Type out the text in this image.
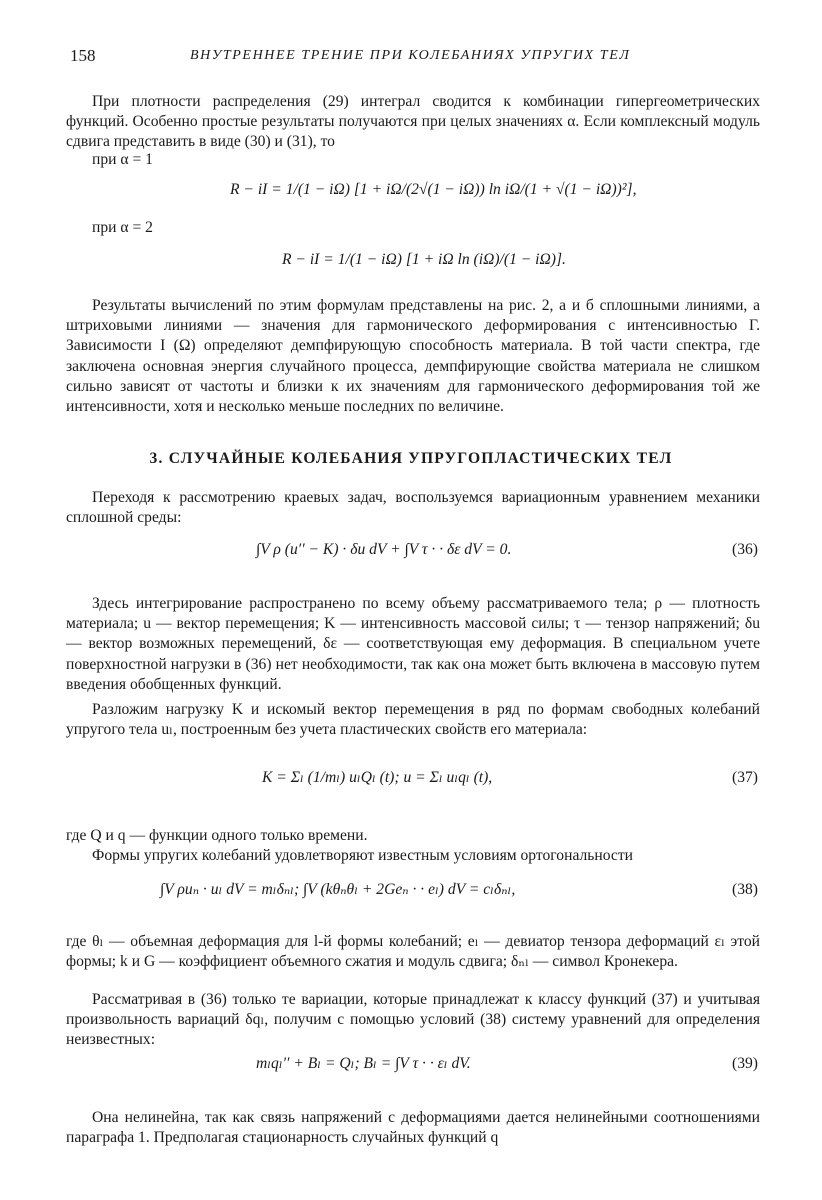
158	ВНУТРЕННЕЕ ТРЕНИЕ ПРИ КОЛЕБАНИЯХ УПРУГИХ ТЕЛ

При плотности распределения (29) интеграл сводится к комбинации гипергеометрических функций. Особенно простые результаты получаются при целых значениях α. Если комплексный модуль сдвига представить в виде (30) и (31), то

при α = 1

R − iI = 1/(1 − iΩ) [1 + iΩ/(2√(1 − iΩ)) ln iΩ/(1 + √(1 − iΩ))²],

при α = 2

R − iI = 1/(1 − iΩ) [1 + iΩ ln (iΩ)/(1 − iΩ)].

Результаты вычислений по этим формулам представлены на рис. 2, а и б сплошными линиями, а штриховыми линиями — значения для гармонического деформирования с интенсивностью Γ. Зависимости I (Ω) определяют демпфирующую способность материала. В той части спектра, где заключена основная энергия случайного процесса, демпфирующие свойства материала не слишком сильно зависят от частоты и близки к их значениям для гармонического деформирования той же интенсивности, хотя и несколько меньше последних по величине.

3. СЛУЧАЙНЫЕ КОЛЕБАНИЯ УПРУГОПЛАСТИЧЕСКИХ ТЕЛ

Переходя к рассмотрению краевых задач, воспользуемся вариационным уравнением механики сплошной среды:

∫V ρ (u′′ − K) · δu dV + ∫V τ · · δε dV = 0.	(36)

Здесь интегрирование распространено по всему объему рассматриваемого тела; ρ — плотность материала; u — вектор перемещения; K — интенсивность массовой силы; τ — тензор напряжений; δu — вектор возможных перемещений, δε — соответствующая ему деформация. В специальном учете поверхностной нагрузки в (36) нет необходимости, так как она может быть включена в массовую путем введения обобщенных функций.

Разложим нагрузку K и искомый вектор перемещения в ряд по формам свободных колебаний упругого тела uₗ, построенным без учета пластических свойств его материала:

K = Σₗ (1/mₗ) uₗQₗ (t); u = Σₗ uₗqₗ (t),	(37)

где Q и q — функции одного только времени.

Формы упругих колебаний удовлетворяют известным условиям ортогональности

∫V ρuₙ · uₗ dV = mₗδₙₗ; ∫V (kθₙθₗ + 2Geₙ · · eₗ) dV = cₗδₙₗ,	(38)

где θₗ — объемная деформация для l-й формы колебаний; eₗ — девиатор тензора деформаций εₗ этой формы; k и G — коэффициент объемного сжатия и модуль сдвига; δₙₗ — символ Кронекера.

Рассматривая в (36) только те вариации, которые принадлежат к классу функций (37) и учитывая произвольность вариаций δqₗ, получим с помощью условий (38) систему уравнений для определения неизвестных:

mₗqₗ′′ + Bₗ = Qₗ; Bₗ = ∫V τ · · εₗ dV.	(39)

Она нелинейна, так как связь напряжений с деформациями дается нелинейными соотношениями параграфа 1. Предполагая стационарность случайных функций q
